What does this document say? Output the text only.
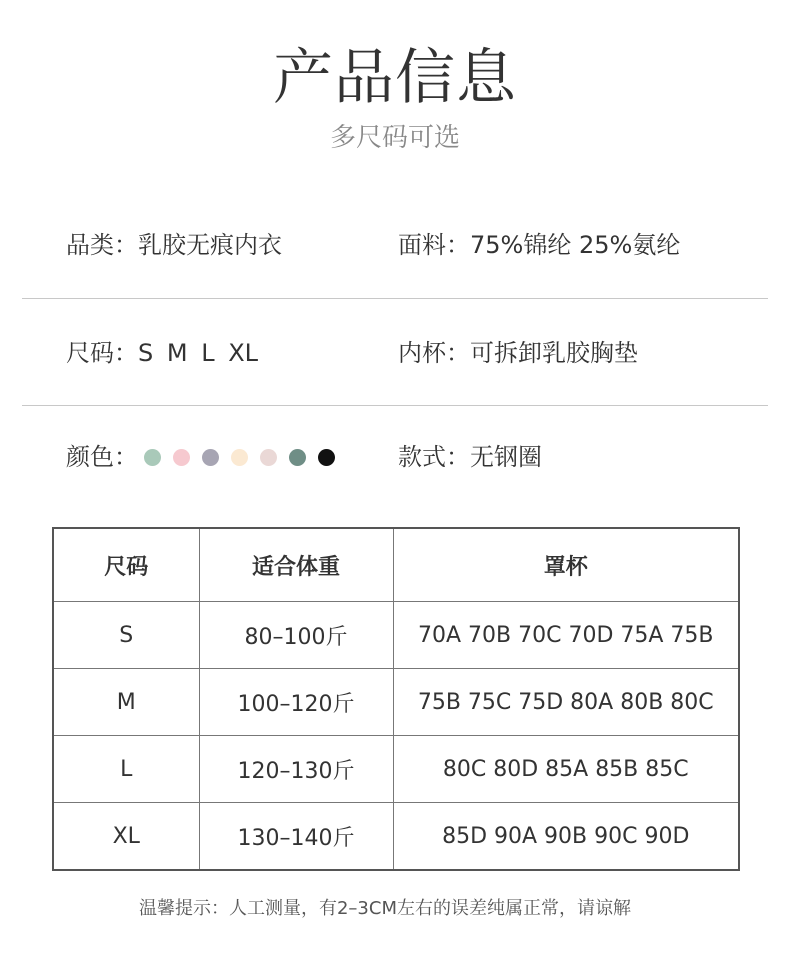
产品信息
多尺码可选
品类：乳胶无痕内衣	面料：75%锦纶 25%氨纶
尺码：S M L XL	内杯：可拆卸乳胶胸垫
颜色：	款式：无钢圈
尺码	适合体重	罩杯
S	80–100斤	70A 70B 70C 70D 75A 75B
M	100–120斤	75B 75C 75D 80A 80B 80C
L	120–130斤	80C 80D 85A 85B 85C
XL	130–140斤	85D 90A 90B 90C 90D
温馨提示：人工测量，有2–3CM左右的误差纯属正常，请谅解
